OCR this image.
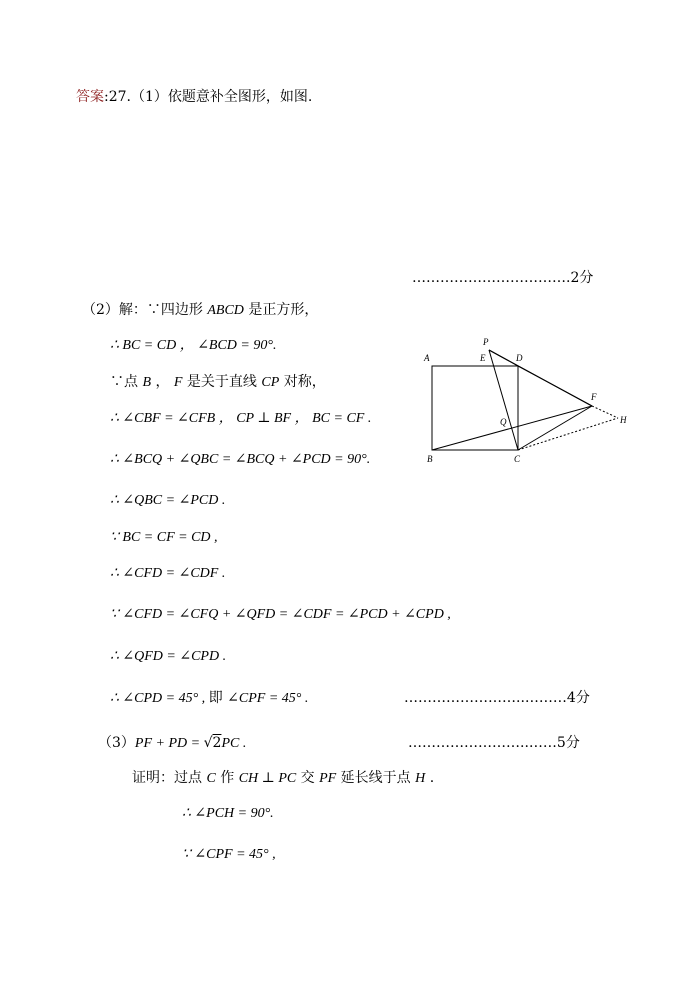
答案:27.（1）依题意补全图形，如图.
…………………………….2分
（2）解：∵四边形 ABCD 是正方形，
∴ BC = CD ， ∠BCD = 90°.
∵点 B ， F 是关于直线 CP 对称，
∴ ∠CBF = ∠CFB ， CP ⊥ BF ， BC = CF .
∴ ∠BCQ + ∠QBC = ∠BCQ + ∠PCD = 90°.
∴ ∠QBC = ∠PCD .
∵ BC = CF = CD ,
∴ ∠CFD = ∠CDF .
∵ ∠CFD = ∠CFQ + ∠QFD = ∠CDF = ∠PCD + ∠CPD ,
∴ ∠QFD = ∠CPD .
∴ ∠CPD = 45° , 即 ∠CPF = 45° .	……………………..………4分
（3）PF + PD = √2PC .	……………………..……5分
证明：过点 C 作 CH ⊥ PC 交 PF 延长线于点 H .
∴ ∠PCH = 90°.
∵ ∠CPF = 45° ,
A
P
E	D
F
H
Q
B	C
